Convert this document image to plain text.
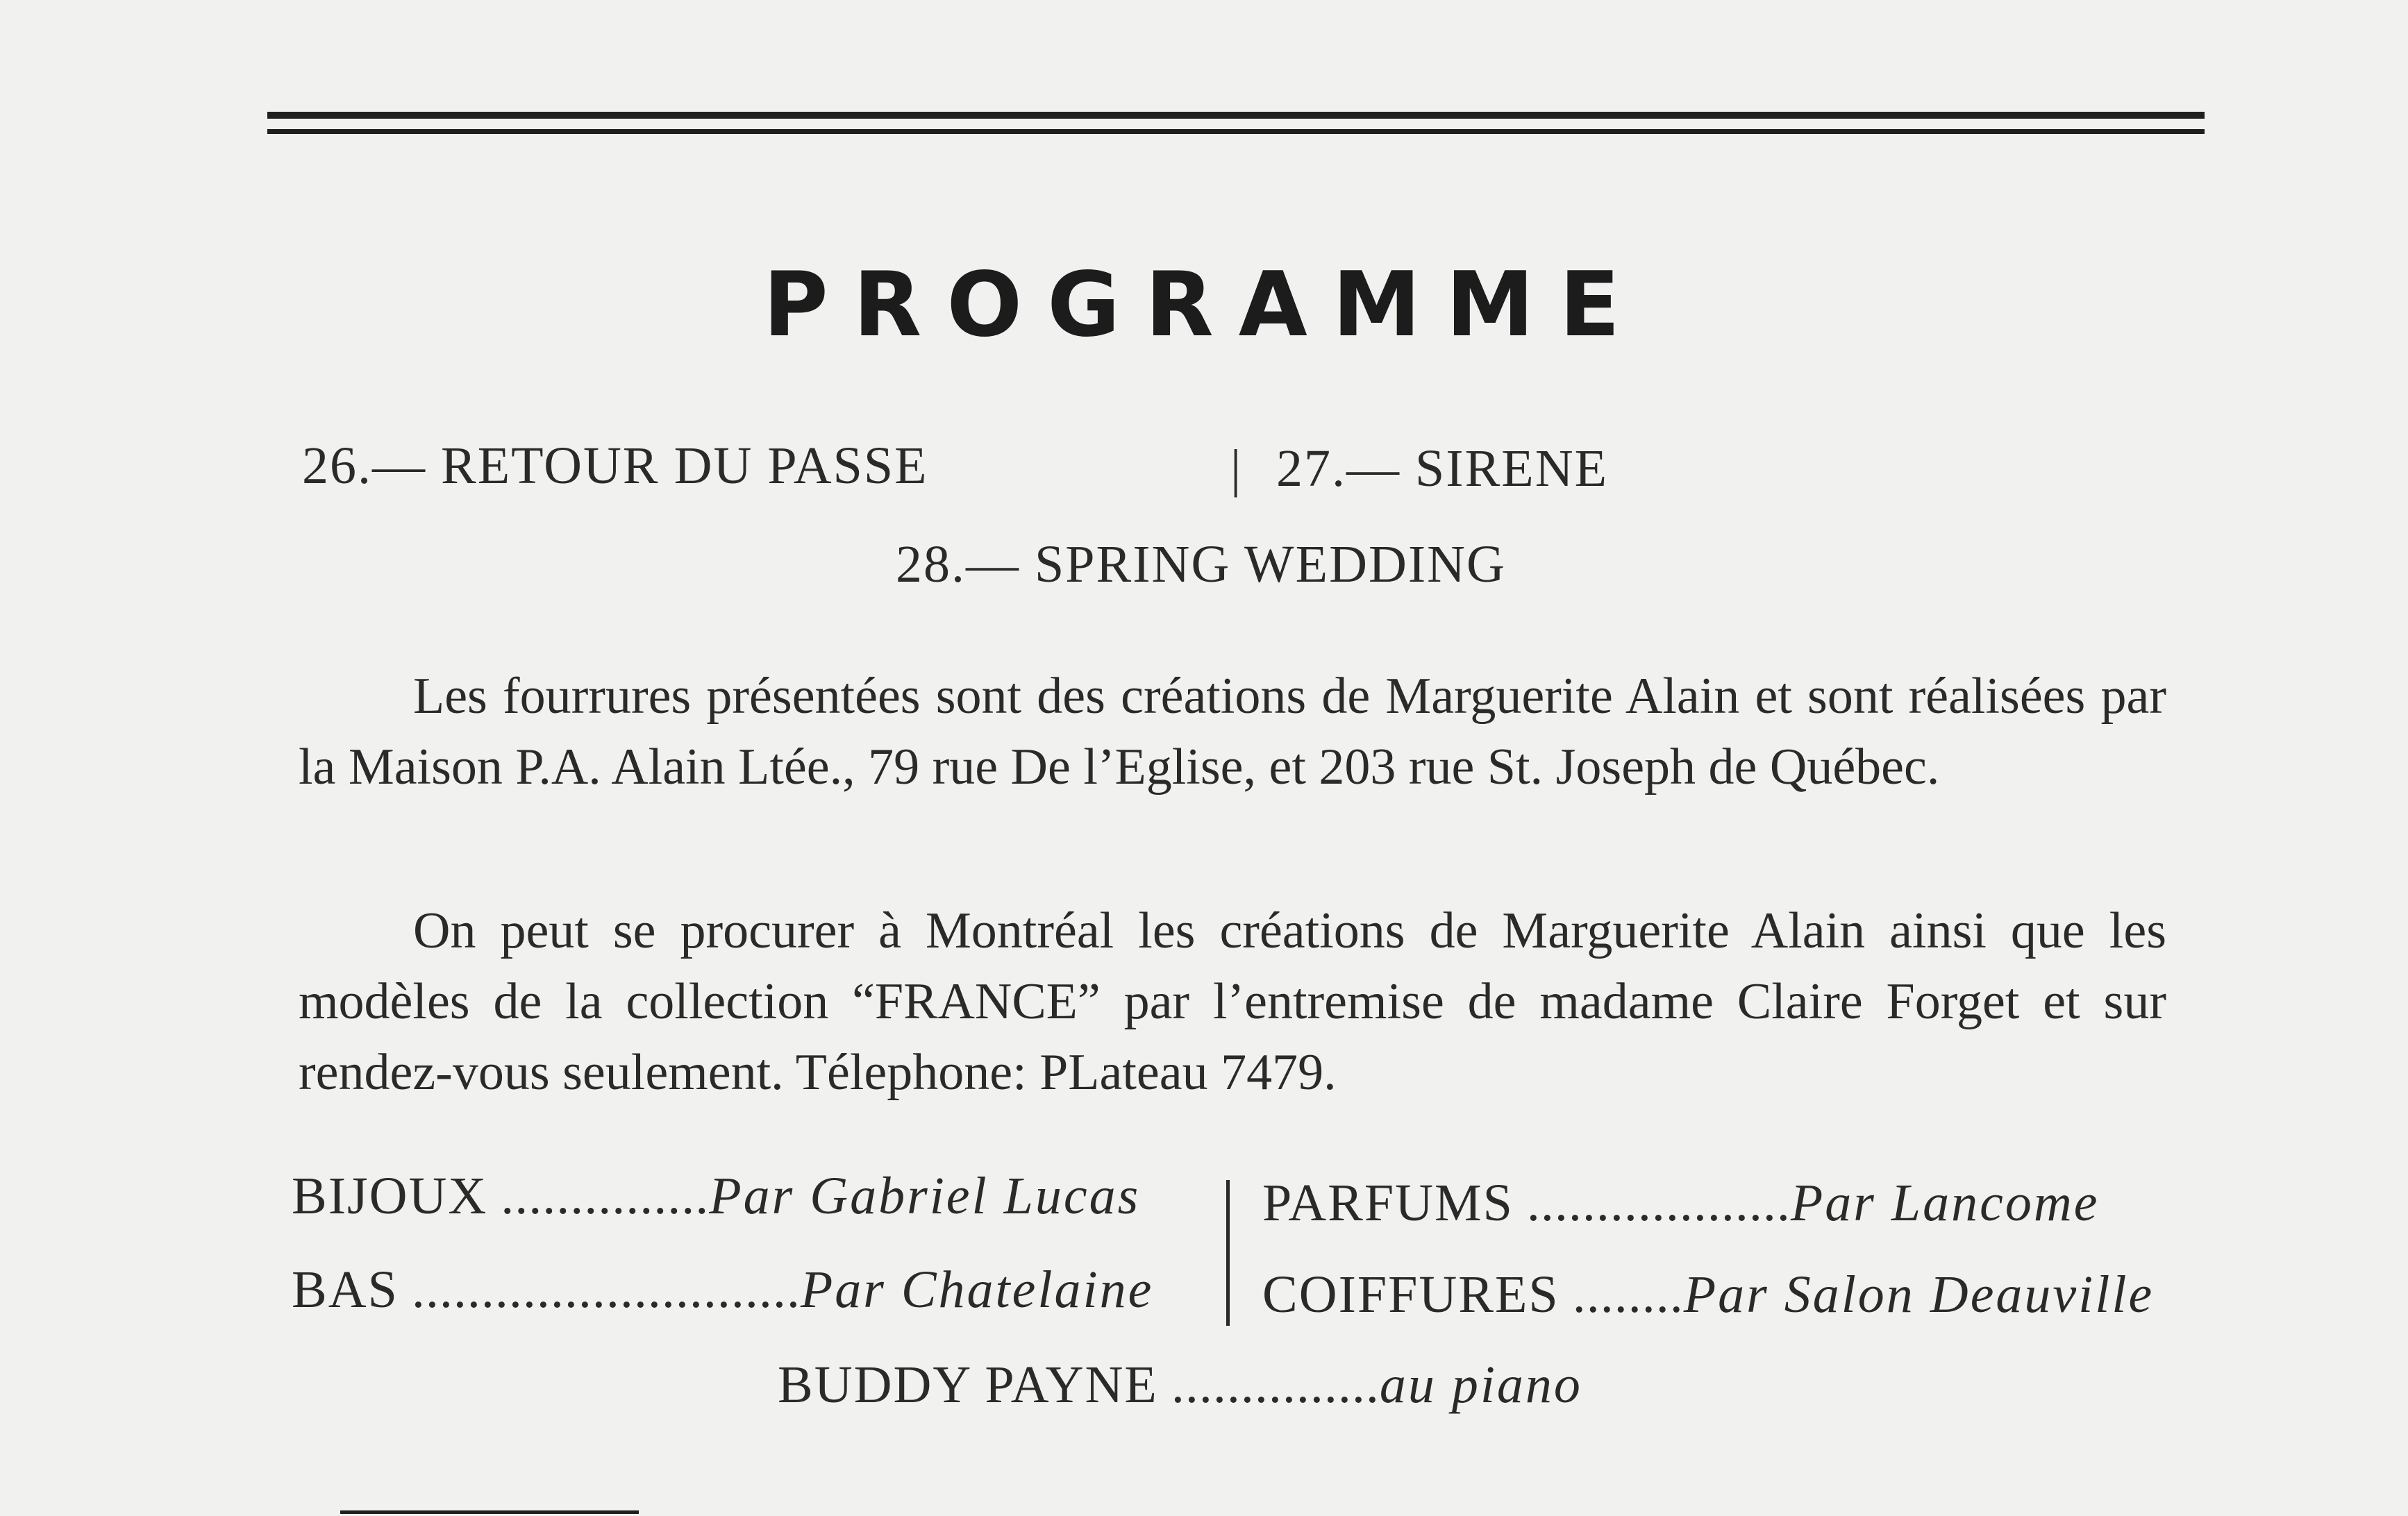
PROGRAMME
26.— RETOUR DU PASSE	| 27.— SIRENE
28.— SPRING WEDDING
Les fourrures présentées sont des créations de Marguerite Alain et sont réalisées par la Maison P.A. Alain Ltée., 79 rue De l’Eglise, et 203 rue St. Joseph de Québec.
On peut se procurer à Montréal les créations de Marguerite Alain ainsi que les modèles de la collection “FRANCE” par l’entremise de madame Claire Forget et sur rendez-vous seulement. Télephone: PLateau 7479.
BIJOUX ...............Par Gabriel Lucas
BAS ............................Par Chatelaine
PARFUMS ...................Par Lancome
COIFFURES ........Par Salon Deauville
BUDDY PAYNE ...............au piano
